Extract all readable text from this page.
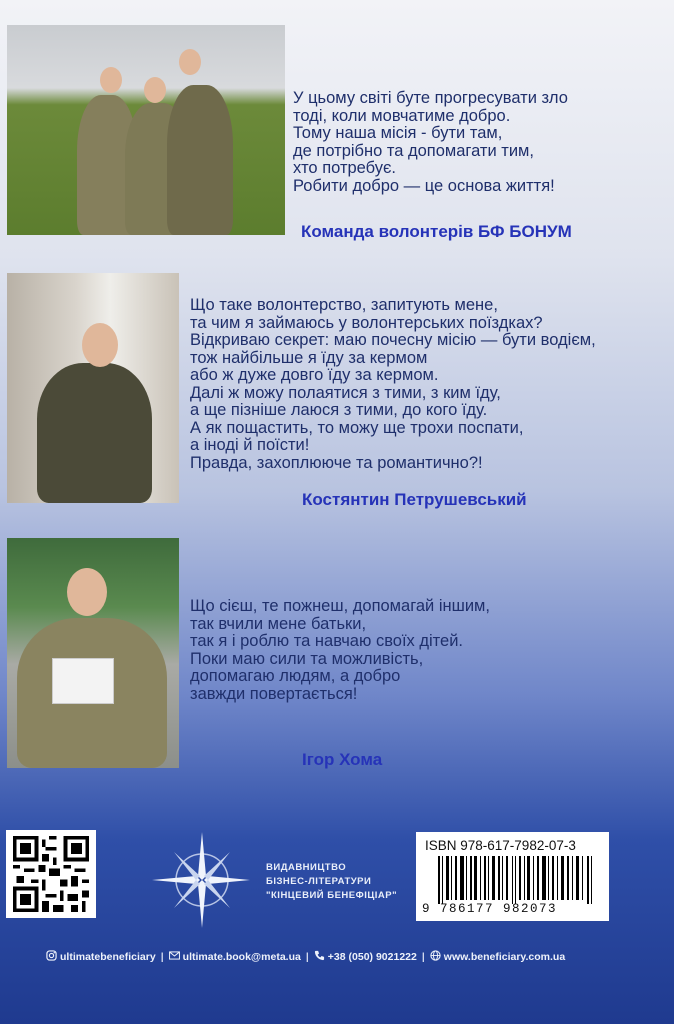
У цьому світі буте прогресувати зло
тоді, коли мовчатиме добро.
Тому наша місія - бути там,
де потрібно та допомагати тим,
хто потребує.
Робити добро — це основа життя!
Команда волонтерів БФ БОНУМ
Що таке волонтерство, запитують мене,
та чим я займаюсь у волонтерських поїздках?
Відкриваю секрет: маю почесну місію — бути водієм,
тож найбільше я їду за кермом
або ж дуже довго їду за кермом.
Далі ж можу полаятися з тими, з ким їду,
а ще пізніше лаюся з тими, до кого їду.
А як пощастить, то можу ще трохи поспати,
а іноді й поїсти!
Правда, захоплююче та романтично?!
Костянтин Петрушевський
Що сієш, те пожнеш, допомагай іншим,
так вчили мене батьки,
так я і роблю та навчаю своїх дітей.
Поки маю сили та можливість,
допомагаю людям, а добро
завжди повертається!
Ігор Хома
ВИДАВНИЦТВО
БІЗНЕС-ЛІТЕРАТУРИ
"КІНЦЕВИЙ БЕНЕФІЦІАР"
ISBN 978-617-7982-07-3
9 786177 982073
ultimatebeneficiary | ultimate.book@meta.ua | +38 (050) 9021222 | www.beneficiary.com.ua
